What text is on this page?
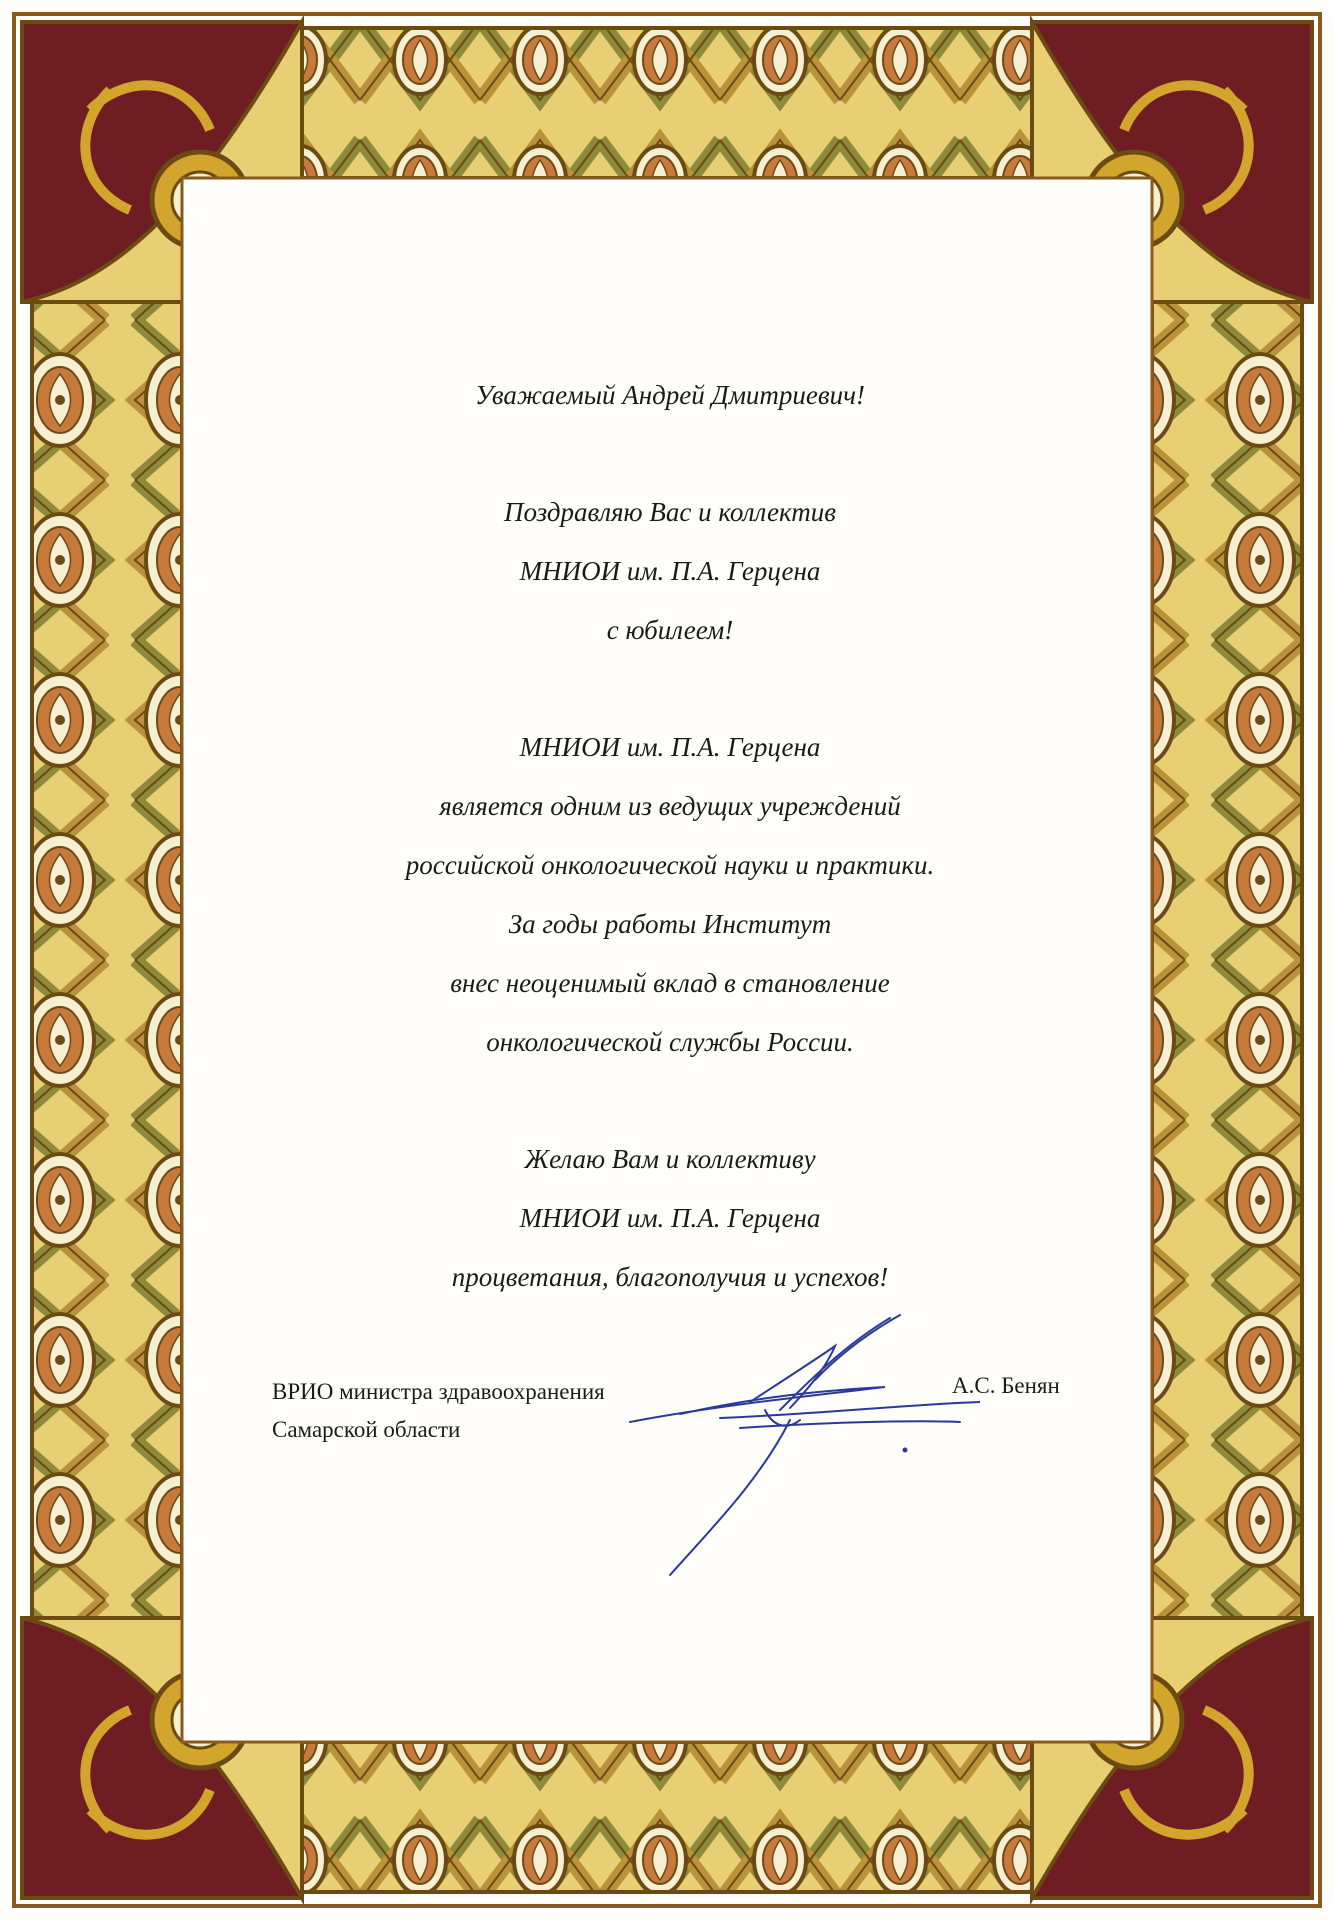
Уважаемый Андрей Дмитриевич!

Поздравляю Вас и коллектив

МНИОИ им. П.А. Герцена

с юбилеем!

МНИОИ им. П.А. Герцена

является одним из ведущих учреждений

российской онкологической науки и практики.

За годы работы Институт

внес неоценимый вклад в становление

онкологической службы России.

Желаю Вам и коллективу

МНИОИ им. П.А. Герцена

процветания, благополучия и успехов!

ВРИО министра здравоохранения
Самарской области
А.С. Бенян
